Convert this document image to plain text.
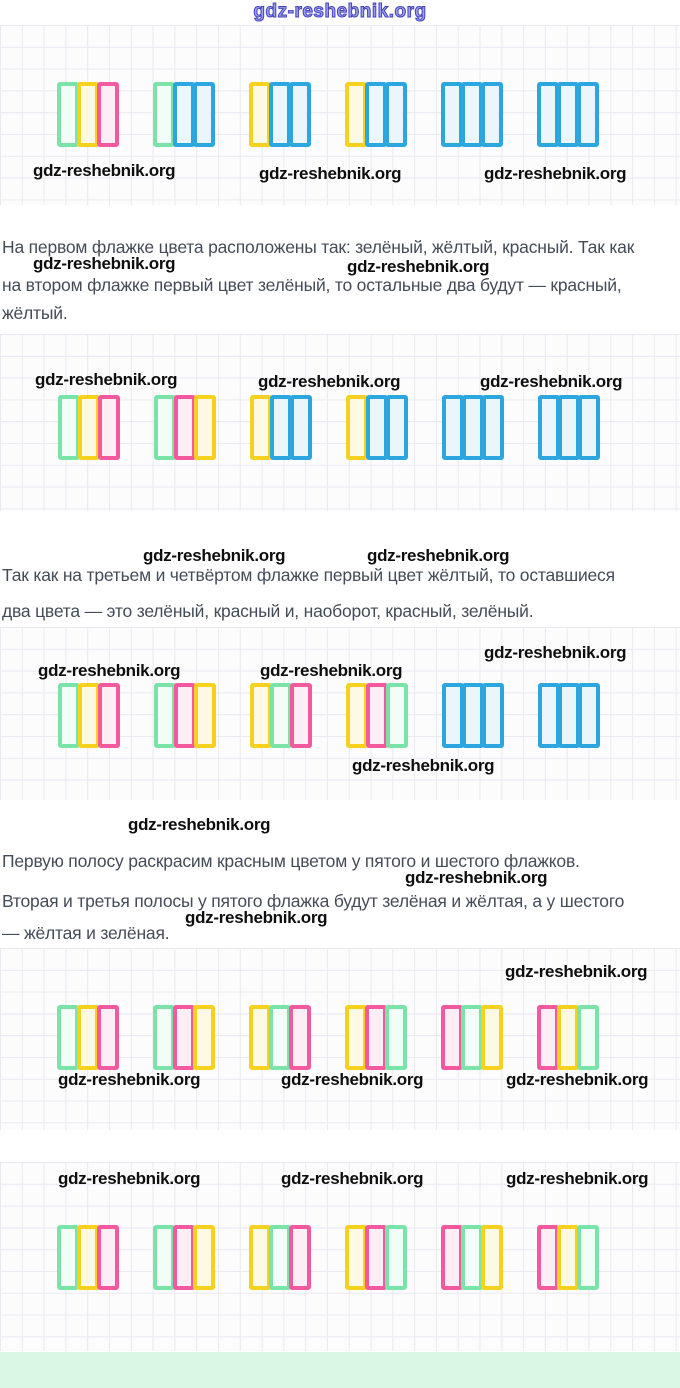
gdz-reshebnik.org
gdz-reshebnik.org	gdz-reshebnik.org	gdz-reshebnik.org
На первом флажке цвета расположены так: зелёный, жёлтый, красный. Так как
gdz-reshebnik.org	gdz-reshebnik.org
на втором флажке первый цвет зелёный, то остальные два будут — красный,
жёлтый.
gdz-reshebnik.org	gdz-reshebnik.org	gdz-reshebnik.org
gdz-reshebnik.org	gdz-reshebnik.org
Так как на третьем и четвёртом флажке первый цвет жёлтый, то оставшиеся
два цвета — это зелёный, красный и, наоборот, красный, зелёный.
gdz-reshebnik.org
gdz-reshebnik.org	gdz-reshebnik.org
gdz-reshebnik.org
gdz-reshebnik.org
Первую полосу раскрасим красным цветом у пятого и шестого флажков.
gdz-reshebnik.org
Вторая и третья полосы у пятого флажка будут зелёная и жёлтая, а у шестого
gdz-reshebnik.org
— жёлтая и зелёная.
gdz-reshebnik.org
gdz-reshebnik.org	gdz-reshebnik.org	gdz-reshebnik.org
gdz-reshebnik.org	gdz-reshebnik.org	gdz-reshebnik.org
